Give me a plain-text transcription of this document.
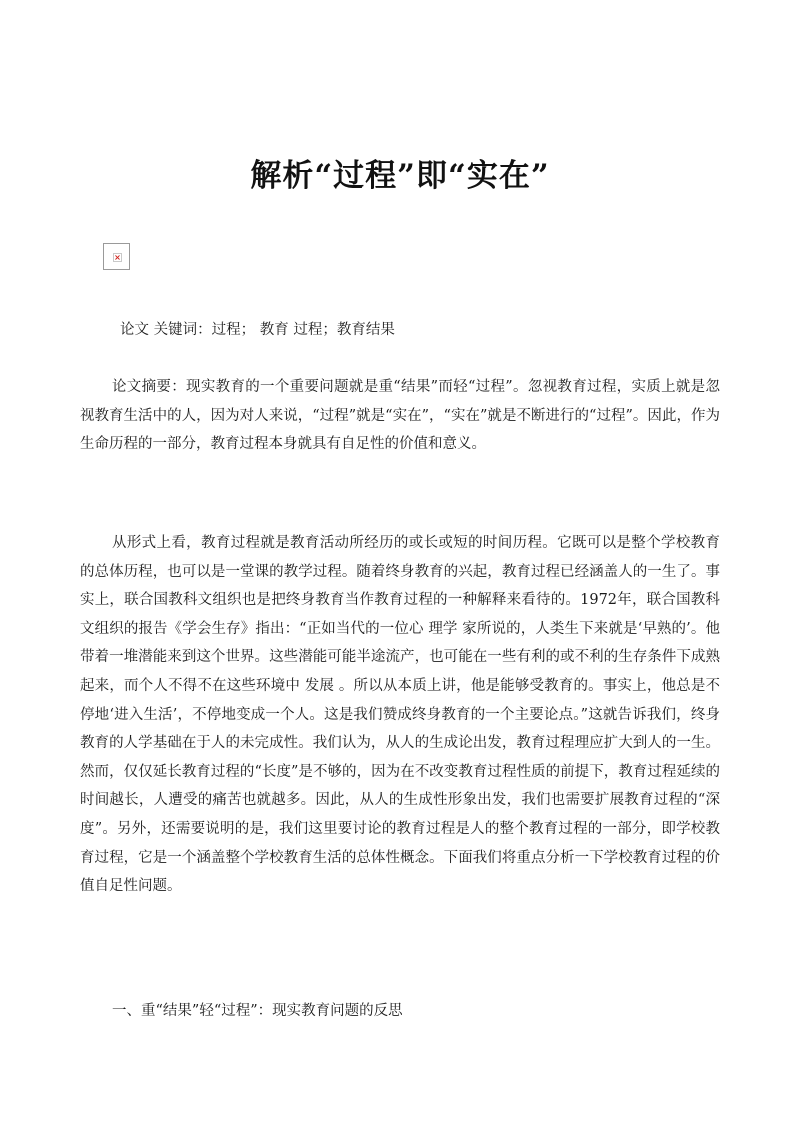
解析“过程”即“实在”
×
论文 关键词：过程； 教育 过程；教育结果

论文摘要：现实教育的一个重要问题就是重“结果”而轻“过程”。忽视教育过程，实质上就是忽视教育生活中的人，因为对人来说，“过程”就是“实在”，“实在”就是不断进行的“过程”。因此，作为生命历程的一部分，教育过程本身就具有自足性的价值和意义。

从形式上看，教育过程就是教育活动所经历的或长或短的时间历程。它既可以是整个学校教育的总体历程，也可以是一堂课的教学过程。随着终身教育的兴起，教育过程已经涵盖人的一生了。事实上，联合国教科文组织也是把终身教育当作教育过程的一种解释来看待的。1972年，联合国教科文组织的报告《学会生存》指出：“正如当代的一位心 理学 家所说的，人类生下来就是‘早熟的’。他带着一堆潜能来到这个世界。这些潜能可能半途流产，也可能在一些有利的或不利的生存条件下成熟起来，而个人不得不在这些环境中 发展 。所以从本质上讲，他是能够受教育的。事实上，他总是不停地‘进入生活’，不停地变成一个人。这是我们赞成终身教育的一个主要论点。”这就告诉我们，终身教育的人学基础在于人的未完成性。我们认为，从人的生成论出发，教育过程理应扩大到人的一生。然而，仅仅延长教育过程的“长度”是不够的，因为在不改变教育过程性质的前提下，教育过程延续的时间越长，人遭受的痛苦也就越多。因此，从人的生成性形象出发，我们也需要扩展教育过程的“深度”。另外，还需要说明的是，我们这里要讨论的教育过程是人的整个教育过程的一部分，即学校教育过程，它是一个涵盖整个学校教育生活的总体性概念。下面我们将重点分析一下学校教育过程的价值自足性问题。

一、重“结果”轻“过程”：现实教育问题的反思
